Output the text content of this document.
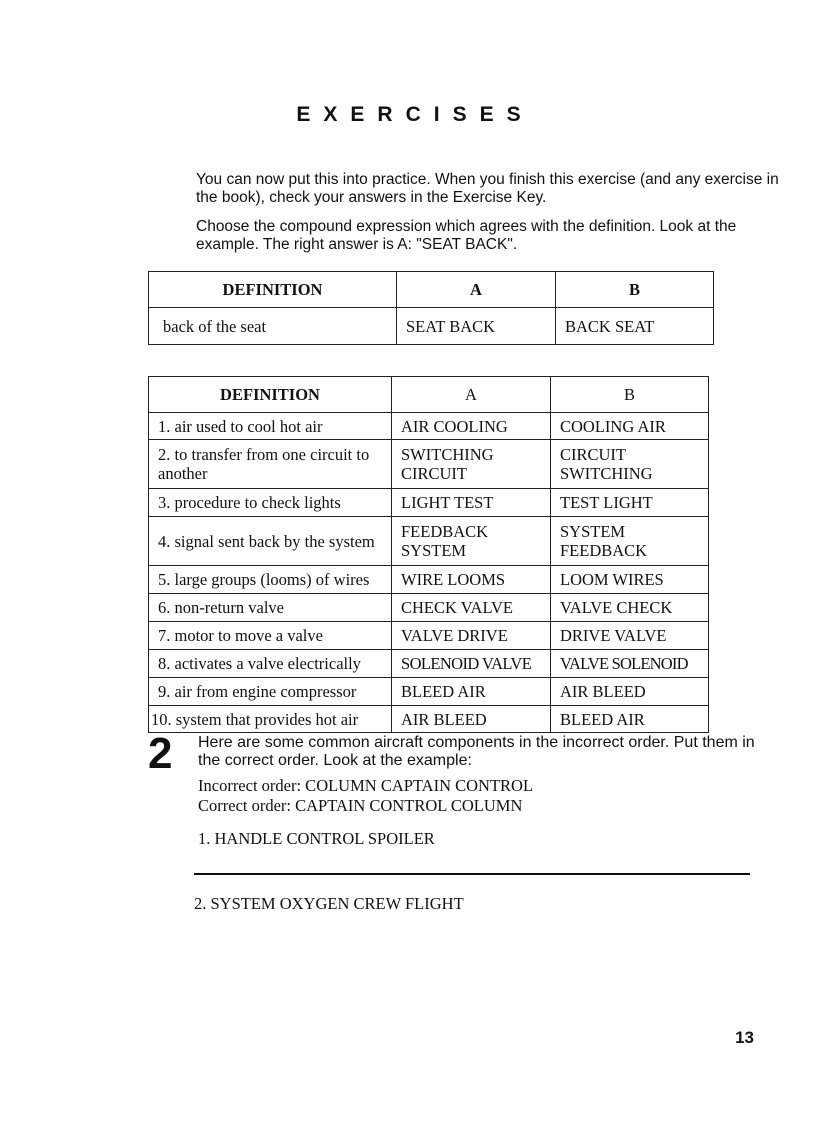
EXERCISES
You can now put this into practice. When you finish this exercise (and any exercise in the book), check your answers in the Exercise Key.
Choose the compound expression which agrees with the definition. Look at the example. The right answer is A: "SEAT BACK".
DEFINITION	A	B
back of the seat	SEAT BACK	BACK SEAT
DEFINITION	A	B
1. air used to cool hot air	AIR COOLING	COOLING AIR
2. to transfer from one circuit to another	SWITCHING CIRCUIT	CIRCUIT SWITCHING
3. procedure to check lights	LIGHT TEST	TEST LIGHT
4. signal sent back by the system	FEEDBACK SYSTEM	SYSTEM FEEDBACK
5. large groups (looms) of wires	WIRE LOOMS	LOOM WIRES
6. non-return valve	CHECK VALVE	VALVE CHECK
7. motor to move a valve	VALVE DRIVE	DRIVE VALVE
8. activates a valve electrically	SOLENOID VALVE	VALVE SOLENOID
9. air from engine compressor	BLEED AIR	AIR BLEED
10. system that provides hot air	AIR BLEED	BLEED AIR
2 Here are some common aircraft components in the incorrect order. Put them in the correct order. Look at the example:
Incorrect order: COLUMN CAPTAIN CONTROL
Correct order: CAPTAIN CONTROL COLUMN
1. HANDLE CONTROL SPOILER
2. SYSTEM OXYGEN CREW FLIGHT
13
